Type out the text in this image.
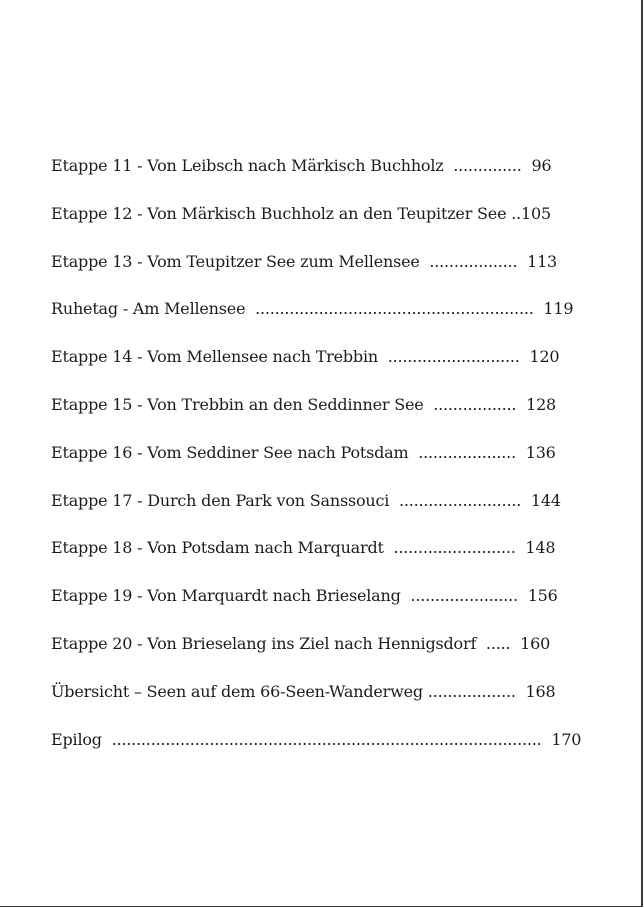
Etappe 11 - Von Leibsch nach Märkisch Buchholz  ..............  96
Etappe 12 - Von Märkisch Buchholz an den Teupitzer See ..105
Etappe 13 - Vom Teupitzer See zum Mellensee  ..................  113
Ruhetag - Am Mellensee  .........................................................  119
Etappe 14 - Vom Mellensee nach Trebbin  ...........................  120
Etappe 15 - Von Trebbin an den Seddinner See  .................  128
Etappe 16 - Vom Seddiner See nach Potsdam  ....................  136
Etappe 17 - Durch den Park von Sanssouci  .........................  144
Etappe 18 - Von Potsdam nach Marquardt  .........................  148
Etappe 19 - Von Marquardt nach Brieselang  ......................  156
Etappe 20 - Von Brieselang ins Ziel nach Hennigsdorf  .....  160
Übersicht – Seen auf dem 66-Seen-Wanderweg ..................  168
Epilog  ........................................................................................  170
